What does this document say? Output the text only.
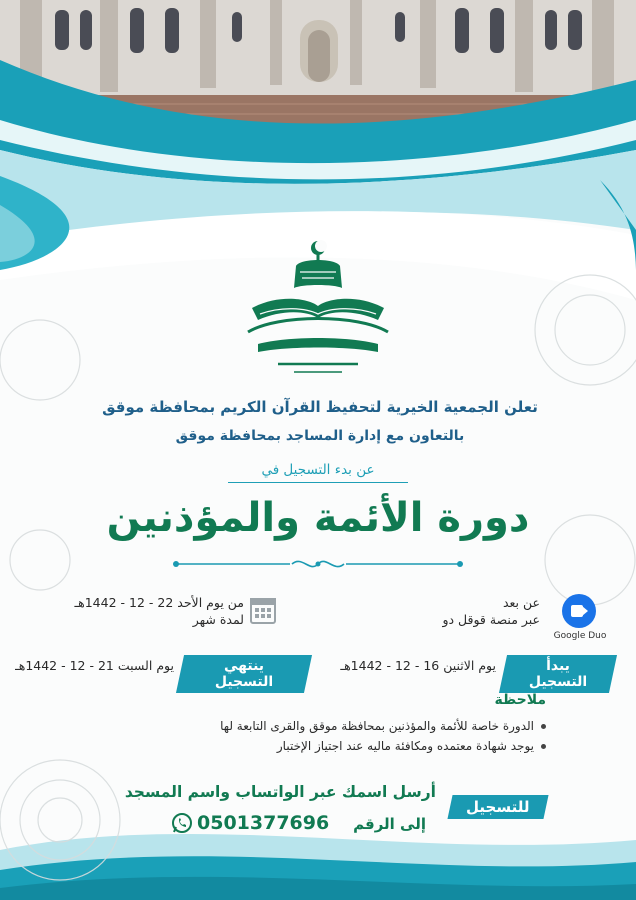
تعلن الجمعية الخيرية لتحفيظ القرآن الكريم بمحافظة موقق
بالتعاون مع إدارة المساجد بمحافظة موقق
عن بدء التسجيل في
دورة الأئمة والمؤذنين
Google Duo
عن بعد
عبر منصة قوقل دو
من يوم الأحد 22 - 12 - 1442هـ
لمدة شهر
يبدأ التسجيل
يوم الاثنين 16 - 12 - 1442هـ
ينتهي التسجيل
يوم السبت 21 - 12 - 1442هـ
ملاحظة
الدورة خاصة للأئمة والمؤذنين بمحافظة موقق والقرى التابعة لها
يوجد شهادة معتمده ومكافئة ماليه عند اجتياز الإختبار
للتسجيل
أرسل اسمك عبر الواتساب واسم المسجد
إلى الرقم
0501377696
